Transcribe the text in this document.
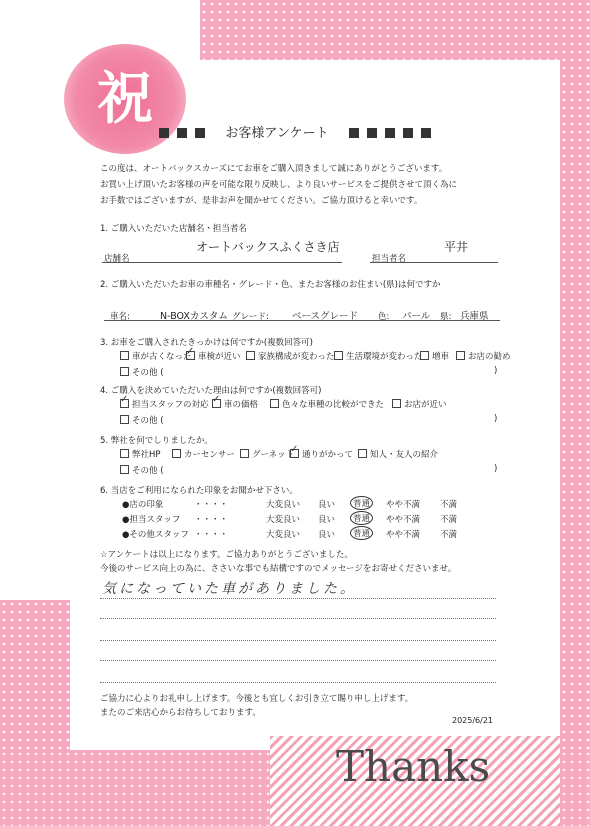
祝
お客様アンケート
この度は、オートバックスカーズにてお車をご購入頂きまして誠にありがとうございます。
お買い上げ頂いたお客様の声を可能な限り反映し、より良いサービスをご提供させて頂く為に
お手数ではございますが、是非お声を聞かせてください。ご協力頂けると幸いです。
1. ご購入いただいた店舗名・担当者名
店舗名
オートバックスふくさき店
担当者名
平井
2. ご購入いただいたお車の車種名・グレード・色、またお客様のお住まい(県)は何ですか
車名:	N-BOXカスタム グレード: ベースグレード 色: パール 県: 兵庫県
3. お車をご購入されたきっかけは何ですか(複数回答可)
車が古くなった ✓ 車検が近い	家族構成が変わった	生活環境が変わった	増車	お店の勧め
その他 (	)
4. ご購入を決めていただいた理由は何ですか(複数回答可)
✓担当スタッフの対応 ✓	車の価格	色々な車種の比較ができた	お店が近い
その他 (	)
5. 弊社を何でしりましたか。
弊社HP	カーセンサー	グーネット ✓ 通りがかって	知人・友人の紹介
その他 (	)
6. 当店をご利用になられた印象をお聞かせ下さい。
●店の印象	・・・・	大変良い 良い	普通	やや不満 不満
●担当スタッフ ・・・・	大変良い 良い	普通	やや不満 不満
●その他スタッフ ・・・・	大変良い 良い	普通	やや不満 不満
☆アンケートは以上になります。ご協力ありがとうございました。
今後のサービス向上の為に、ささいな事でも結構ですのでメッセージをお寄せくださいませ。
気になっていた車がありました。
ご協力に心よりお礼申し上げます。今後とも宜しくお引き立て賜り申し上げます。
またのご来店心からお待ちしております。
2025/6/21
Thanks
